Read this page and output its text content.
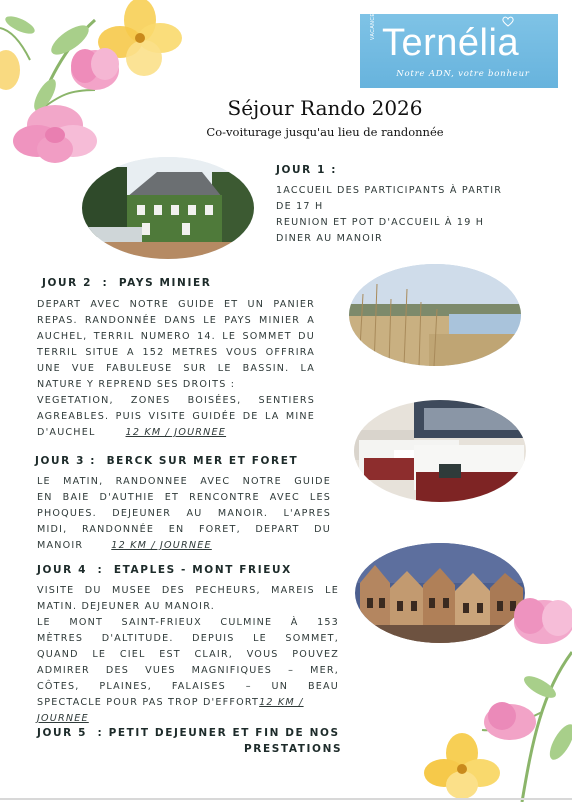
VACANCES Ternélia
Notre ADN, votre bonheur
Séjour Rando 2026
Co-voiturage jusqu'au lieu de randonnée
JOUR 1 :
1ACCUEIL DES PARTICIPANTS À PARTIR
DE 17 H
REUNION ET POT D'ACCUEIL À 19 H
DINER AU MANOIR
JOUR 2  :  PAYS MINIER
DEPART AVEC NOTRE GUIDE ET UN PANIER
REPAS. RANDONNÉE DANS LE PAYS MINIER A
AUCHEL, TERRIL NUMERO 14. LE SOMMET DU
TERRIL SITUE A 152 METRES VOUS OFFRIRA
UNE VUE FABULEUSE SUR LE BASSIN. LA
NATURE Y REPREND SES DROITS :
VEGETATION, ZONES BOISÉES, SENTIERS
AGREABLES. PUIS VISITE GUIDÉE DE LA MINE
D'AUCHEL	12 KM / JOURNEE
JOUR 3 :  BERCK SUR MER ET FORET
LE MATIN, RANDONNEE AVEC NOTRE GUIDE
EN BAIE D'AUTHIE ET RENCONTRE AVEC LES
PHOQUES. DEJEUNER AU MANOIR. L'APRES
MIDI, RANDONNÉE EN FORET, DEPART DU
MANOIR	12 KM / JOURNEE
JOUR 4  :  ETAPLES - MONT FRIEUX
VISITE DU MUSEE DES PECHEURS, MAREIS LE
MATIN. DEJEUNER AU MANOIR.
LE MONT SAINT-FRIEUX CULMINE À 153
MÈTRES D'ALTITUDE. DEPUIS LE SOMMET,
QUAND LE CIEL EST CLAIR, VOUS POUVEZ
ADMIRER DES VUES MAGNIFIQUES – MER,
CÔTES, PLAINES, FALAISES – UN BEAU
SPECTACLE POUR PAS TROP D'EFFORT12 KM /
JOURNEE
JOUR 5  : PETIT DEJEUNER ET FIN DE NOS
PRESTATIONS
